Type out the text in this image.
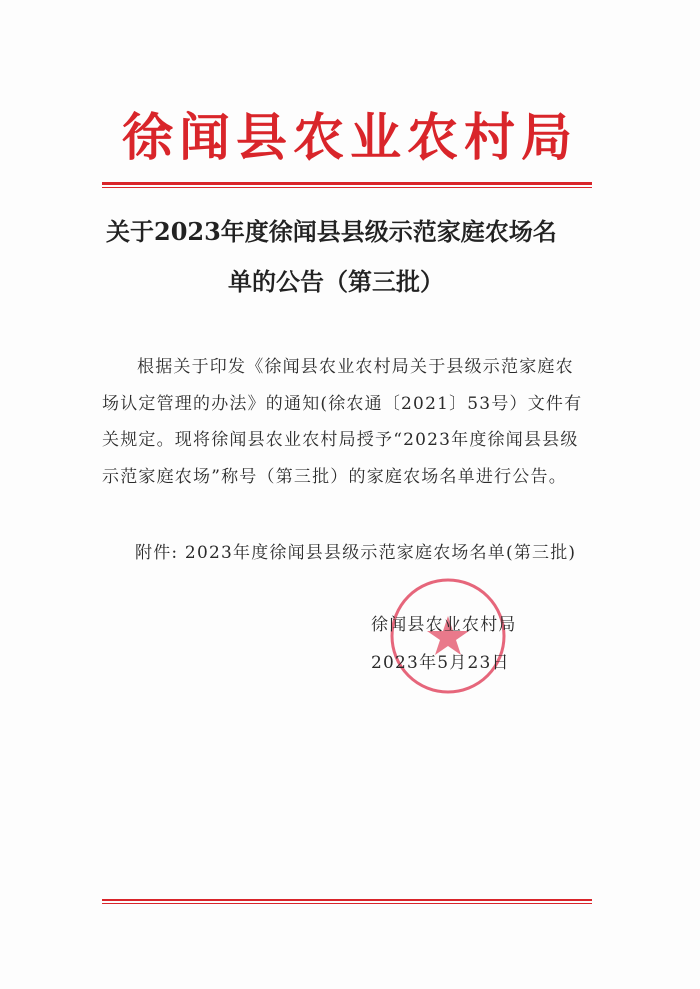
徐闻县农业农村局
关于2023年度徐闻县县级示范家庭农场名
单的公告（第三批）
根据关于印发《徐闻县农业农村局关于县级示范家庭农
场认定管理的办法》的通知(徐农通〔2021〕53号）文件有
关规定。现将徐闻县农业农村局授予“2023年度徐闻县县级
示范家庭农场”称号（第三批）的家庭农场名单进行公告。
附件: 2023年度徐闻县县级示范家庭农场名单(第三批)
徐闻县农业农村局
2023年5月23日
